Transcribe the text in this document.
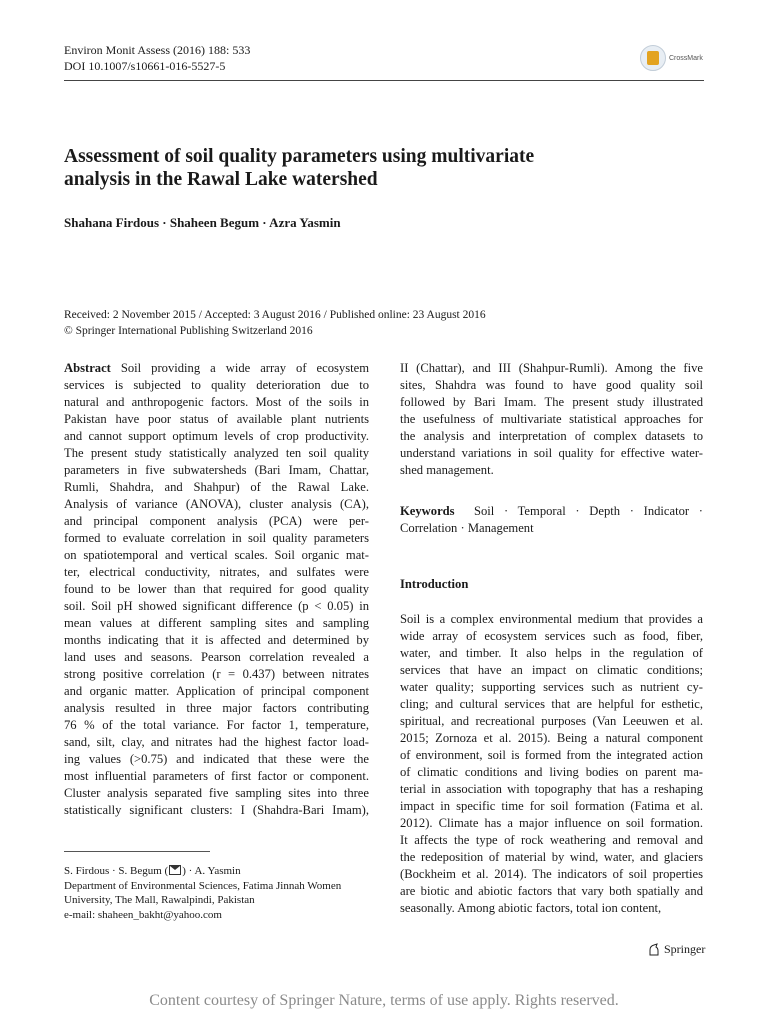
Environ Monit Assess (2016) 188: 533
DOI 10.1007/s10661-016-5527-5
CrossMark
Assessment of soil quality parameters using multivariate
analysis in the Rawal Lake watershed
Shahana Firdous · Shaheen Begum · Azra Yasmin
Received: 2 November 2015 / Accepted: 3 August 2016 / Published online: 23 August 2016
© Springer International Publishing Switzerland 2016
Abstract Soil providing a wide array of ecosystem
services is subjected to quality deterioration due to
natural and anthropogenic factors. Most of the soils in
Pakistan have poor status of available plant nutrients
and cannot support optimum levels of crop productivity.
The present study statistically analyzed ten soil quality
parameters in five subwatersheds (Bari Imam, Chattar,
Rumli, Shahdra, and Shahpur) of the Rawal Lake.
Analysis of variance (ANOVA), cluster analysis (CA),
and principal component analysis (PCA) were per-
formed to evaluate correlation in soil quality parameters
on spatiotemporal and vertical scales. Soil organic mat-
ter, electrical conductivity, nitrates, and sulfates were
found to be lower than that required for good quality
soil. Soil pH showed significant difference (p < 0.05) in
mean values at different sampling sites and sampling
months indicating that it is affected and determined by
land uses and seasons. Pearson correlation revealed a
strong positive correlation (r = 0.437) between nitrates
and organic matter. Application of principal component
analysis resulted in three major factors contributing
76 % of the total variance. For factor 1, temperature,
sand, silt, clay, and nitrates had the highest factor load-
ing values (>0.75) and indicated that these were the
most influential parameters of first factor or component.
Cluster analysis separated five sampling sites into three
statistically significant clusters: I (Shahdra-Bari Imam),
II (Chattar), and III (Shahpur-Rumli). Among the five
sites, Shahdra was found to have good quality soil
followed by Bari Imam. The present study illustrated
the usefulness of multivariate statistical approaches for
the analysis and interpretation of complex datasets to
understand variations in soil quality for effective water-
shed management.
Keywords Soil · Temporal · Depth · Indicator ·
Correlation · Management
Introduction
Soil is a complex environmental medium that provides a
wide array of ecosystem services such as food, fiber,
water, and timber. It also helps in the regulation of
services that have an impact on climatic conditions;
water quality; supporting services such as nutrient cy-
cling; and cultural services that are helpful for esthetic,
spiritual, and recreational purposes (Van Leeuwen et al.
2015; Zornoza et al. 2015). Being a natural component
of environment, soil is formed from the integrated action
of climatic conditions and living bodies on parent ma-
terial in association with topography that has a reshaping
impact in specific time for soil formation (Fatima et al.
2012). Climate has a major influence on soil formation.
It affects the type of rock weathering and removal and
the redeposition of material by wind, water, and glaciers
(Bockheim et al. 2014). The indicators of soil properties
are biotic and abiotic factors that vary both spatially and
seasonally. Among abiotic factors, total ion content,
S. Firdous · S. Begum ( ) · A. Yasmin
Department of Environmental Sciences, Fatima Jinnah Women
University, The Mall, Rawalpindi, Pakistan
e-mail: shaheen_bakht@yahoo.com
Springer
Content courtesy of Springer Nature, terms of use apply. Rights reserved.
